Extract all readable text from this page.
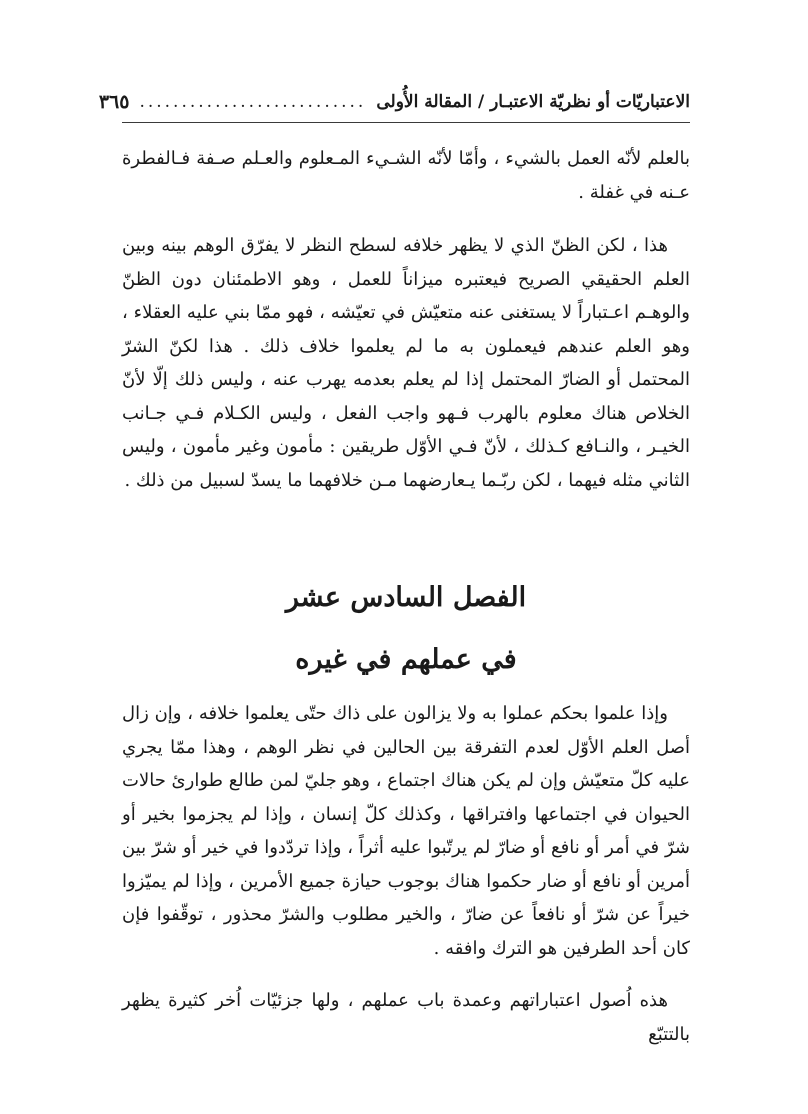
الاعتباريّات أو نظريّة الاعتبـار / المقالة الأُولى
...........................
٣٦٥

بالعلم لأنّه العمل بالشيء ، وأمّا لأنّه الشـيء المـعلوم والعـلم صـفة فـالفطرة عـنه في غفلة .

هذا ، لكن الظنّ الذي لا يظهر خلافه لسطح النظر لا يفرّق الوهم بينه وبين العلم الحقيقي الصريح فيعتبره ميزاناً للعمل ، وهو الاطمئنان دون الظنّ والوهـم اعـتباراً لا يستغنى عنه متعيّش في تعيّشه ، فهو ممّا بني عليه العقلاء ، وهو العلم عندهم فيعملون به ما لم يعلموا خلاف ذلك . هذا لكنّ الشرّ المحتمل أو الضارّ المحتمل إذا لم يعلم بعدمه يهرب عنه ، وليس ذلك إلّا لأنّ الخلاص هناك معلوم بالهرب فـهو واجب الفعل ، وليس الكـلام فـي جـانب الخيـر ، والنـافع كـذلك ، لأنّ فـي الأوّل طريقين : مأمون وغير مأمون ، وليس الثاني مثله فيهما ، لكن ربّـما يـعارضهما مـن خلافهما ما يسدّ لسبيل من ذلك .

الفصل السادس عشر
في عملهم في غيره

وإذا علموا بحكم عملوا به ولا يزالون على ذاك حتّى يعلموا خلافه ، وإن زال أصل العلم الأوّل لعدم التفرقة بين الحالين في نظر الوهم ، وهذا ممّا يجري عليه كلّ متعيّش وإن لم يكن هناك اجتماع ، وهو جليّ لمن طالع طوارئ حالات الحيوان في اجتماعها وافتراقها ، وكذلك كلّ إنسان ، وإذا لم يجزموا بخير أو شرّ في أمر أو نافع أو ضارّ لم يرتّبوا عليه أثراً ، وإذا تردّدوا في خير أو شرّ بين أمرين أو نافع أو ضار حكموا هناك بوجوب حيازة جميع الأمرين ، وإذا لم يميّزوا خيراً عن شرّ أو نافعاً عن ضارّ ، والخير مطلوب والشرّ محذور ، توقّفوا فإن كان أحد الطرفين هو الترك وافقه .

هذه اُصول اعتباراتهم وعمدة باب عملهم ، ولها جزئيّات اُخر كثيرة يظهر بالتتبّع
